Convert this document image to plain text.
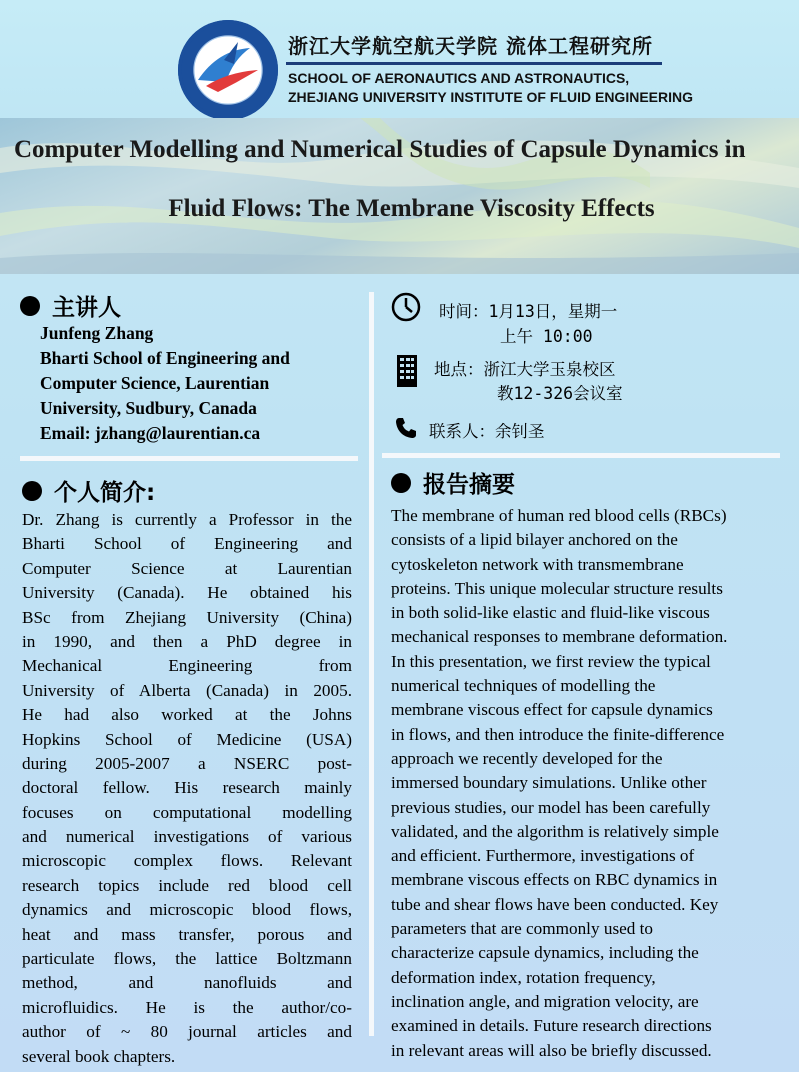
浙江大学航空航天学院 流体工程研究所
SCHOOL OF AERONAUTICS AND ASTRONAUTICS,
ZHEJIANG UNIVERSITY INSTITUTE OF FLUID ENGINEERING
Computer Modelling and Numerical Studies of Capsule Dynamics in
Fluid Flows: The Membrane Viscosity Effects
主讲人
Junfeng Zhang
Bharti School of Engineering and
Computer Science, Laurentian
University, Sudbury, Canada
Email: jzhang@laurentian.ca
个人简介:
Dr. Zhang is currently a Professor in the
Bharti School of Engineering and
Computer Science at Laurentian
University (Canada). He obtained his
BSc from Zhejiang University (China)
in 1990, and then a PhD degree in
Mechanical Engineering from
University of Alberta (Canada) in 2005.
He had also worked at the Johns
Hopkins School of Medicine (USA)
during 2005-2007 a NSERC post-
doctoral fellow. His research mainly
focuses on computational modelling
and numerical investigations of various
microscopic complex flows. Relevant
research topics include red blood cell
dynamics and microscopic blood flows,
heat and mass transfer, porous and
particulate flows, the lattice Boltzmann
method, and nanofluids and
microfluidics. He is the author/co-
author of ~ 80 journal articles and
several book chapters.
时间：1月13日，星期一
上午 10:00
地点：浙江大学玉泉校区
教12-326会议室
联系人：余钊圣
报告摘要
The membrane of human red blood cells (RBCs)
consists of a lipid bilayer anchored on the
cytoskeleton network with transmembrane
proteins. This unique molecular structure results
in both solid-like elastic and fluid-like viscous
mechanical responses to membrane deformation.
In this presentation, we first review the typical
numerical techniques of modelling the
membrane viscous effect for capsule dynamics
in flows, and then introduce the finite-difference
approach we recently developed for the
immersed boundary simulations. Unlike other
previous studies, our model has been carefully
validated, and the algorithm is relatively simple
and efficient. Furthermore, investigations of
membrane viscous effects on RBC dynamics in
tube and shear flows have been conducted. Key
parameters that are commonly used to
characterize capsule dynamics, including the
deformation index, rotation frequency,
inclination angle, and migration velocity, are
examined in details. Future research directions
in relevant areas will also be briefly discussed.
